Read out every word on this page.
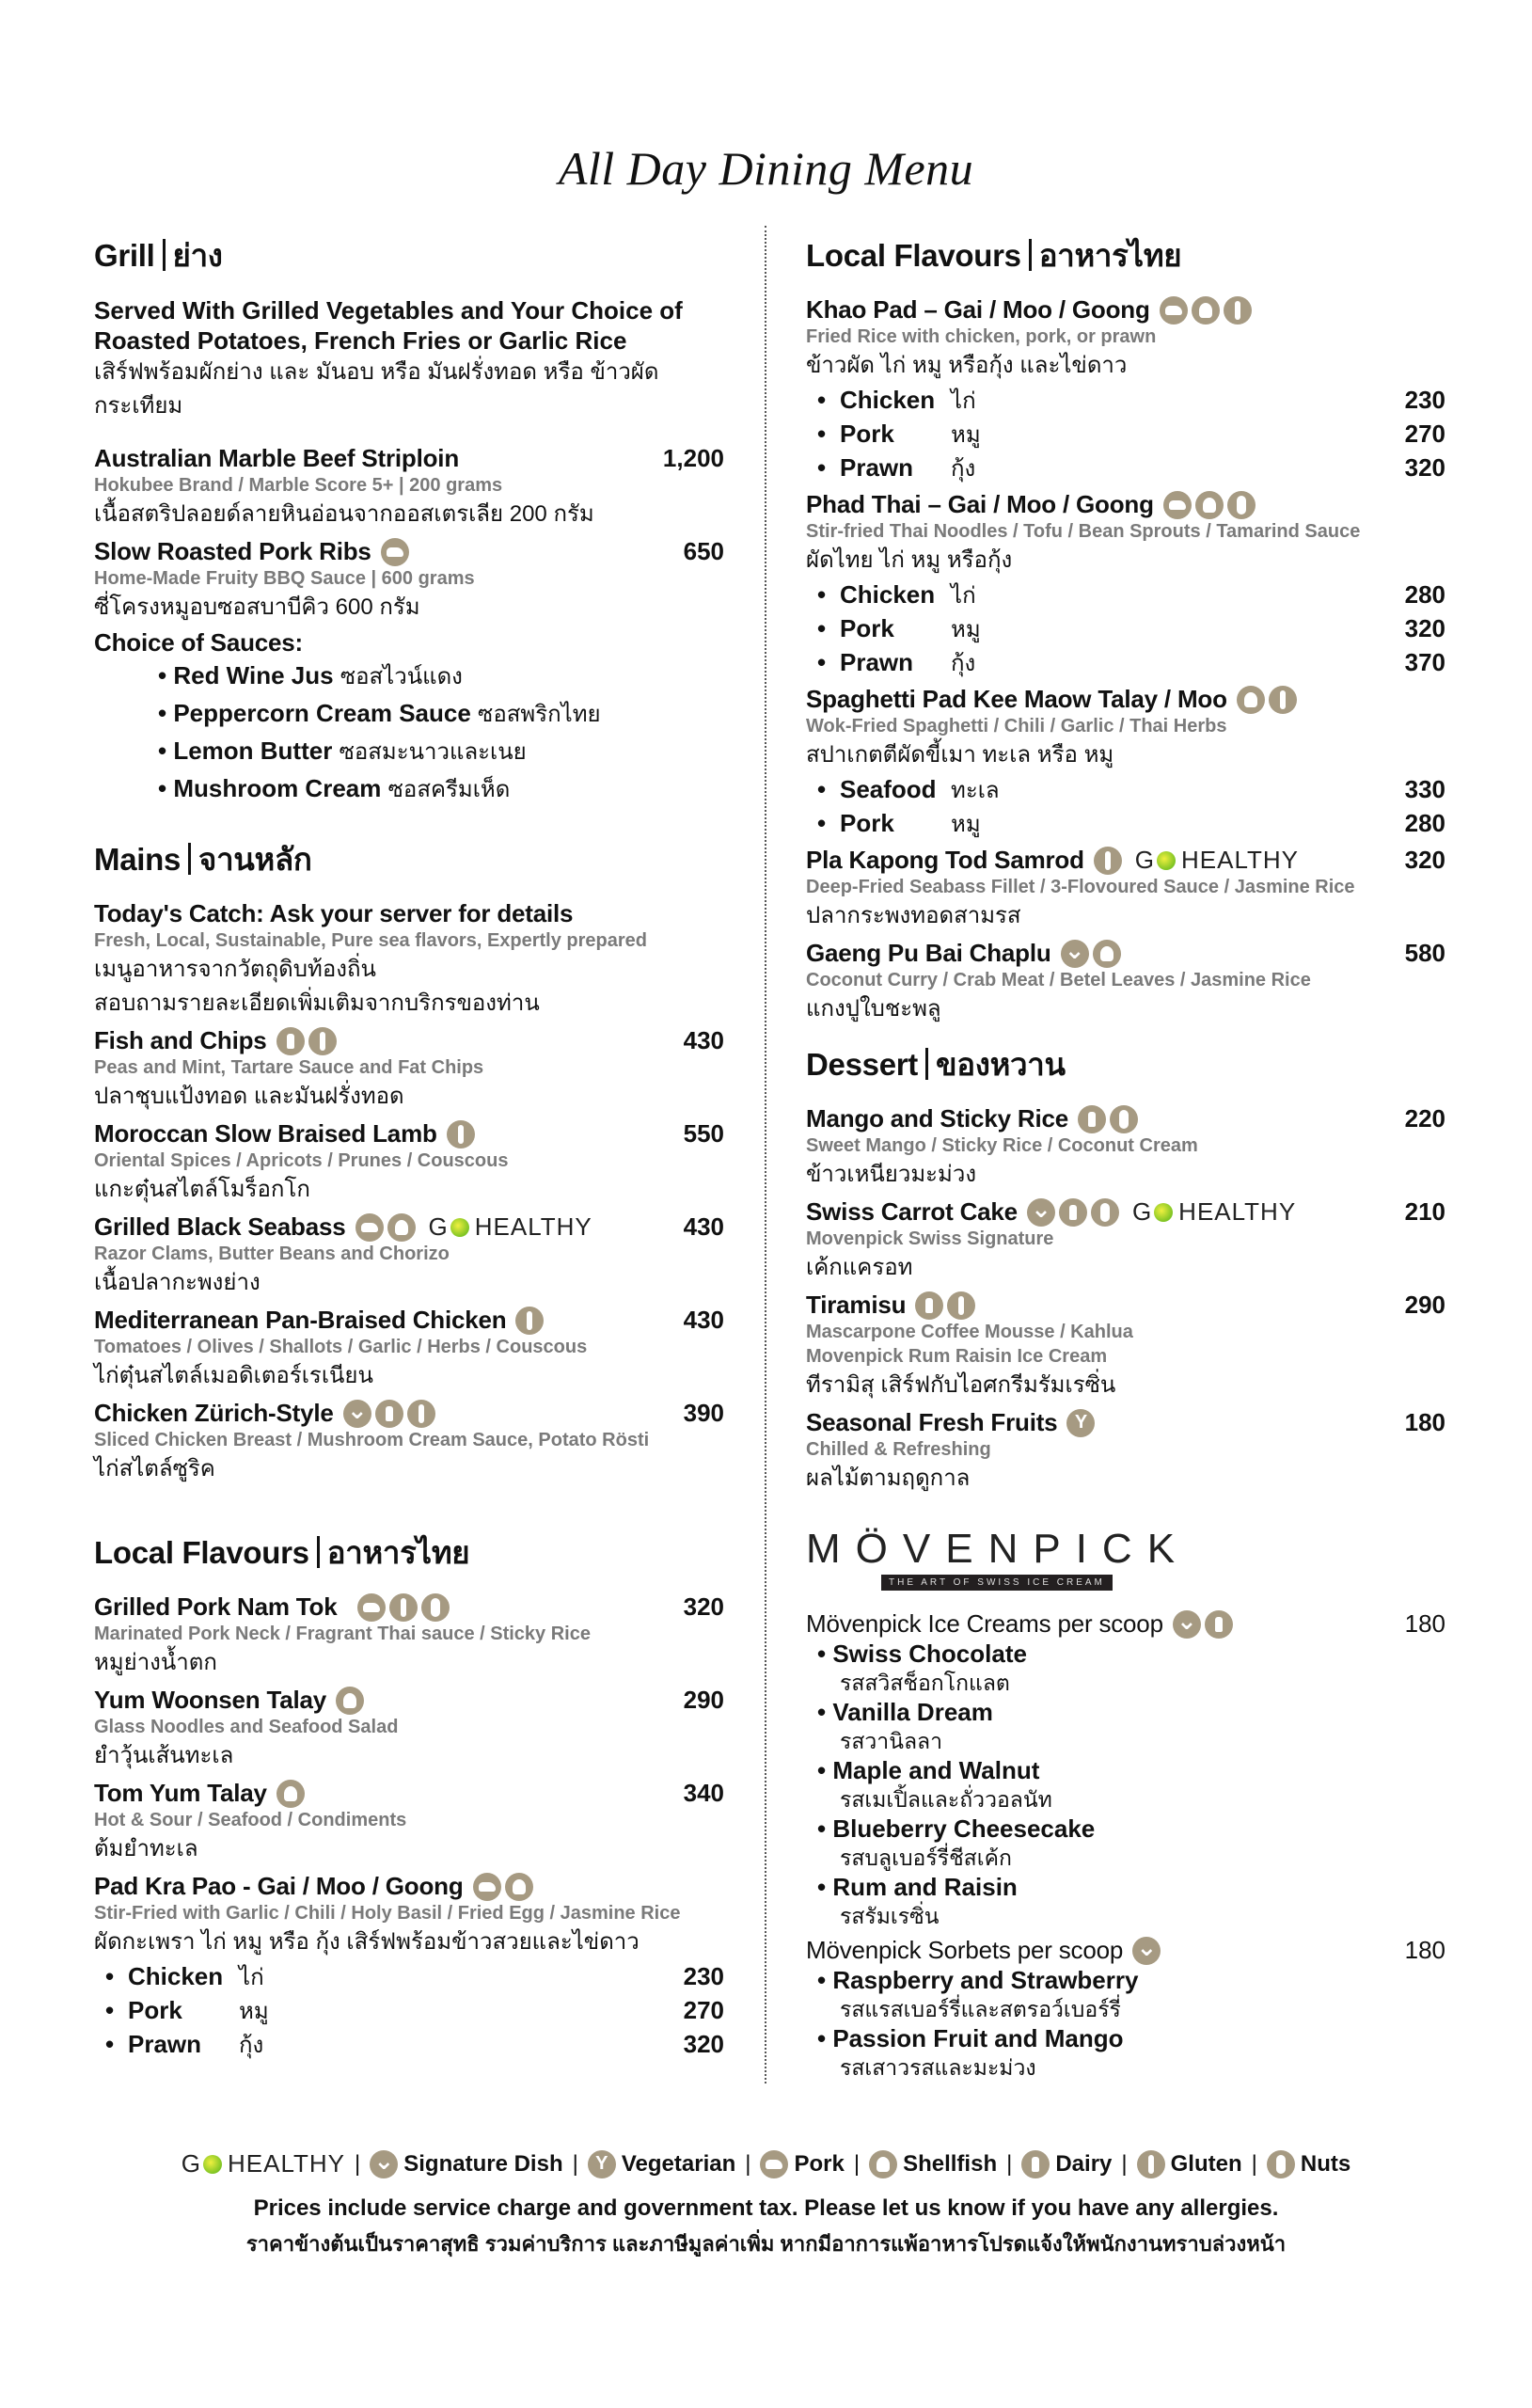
All Day Dining Menu
Grill ย่าง
Served With Grilled Vegetables and Your Choice of Roasted Potatoes, French Fries or Garlic Rice
เสิร์ฟพร้อมผักย่าง และ มันอบ หรือ มันฝรั่งทอด หรือ ข้าวผัดกระเทียม
Australian Marble Beef Striploin	1,200
Hokubee Brand / Marble Score 5+ | 200 grams
เนื้อสตริปลอยด์ลายหินอ่อนจากออสเตรเลีย 200 กรัม
Slow Roasted Pork Ribs	650
Home-Made Fruity BBQ Sauce | 600 grams
ซี่โครงหมูอบซอสบาบีคิว 600 กรัม
Choice of Sauces:
• Red Wine Jus ซอสไวน์แดง
• Peppercorn Cream Sauce ซอสพริกไทย
• Lemon Butter ซอสมะนาวและเนย
• Mushroom Cream ซอสครีมเห็ด
Mains จานหลัก
Today's Catch: Ask your server for details
Fresh, Local, Sustainable, Pure sea flavors, Expertly prepared
เมนูอาหารจากวัตถุดิบท้องถิ่น
สอบถามรายละเอียดเพิ่มเติมจากบริกรของท่าน
Fish and Chips	430
Peas and Mint, Tartare Sauce and Fat Chips
ปลาชุบแป้งทอด และมันฝรั่งทอด
Moroccan Slow Braised Lamb	550
Oriental Spices / Apricots / Prunes / Couscous
แกะตุ๋นสไตล์โมร็อกโก
Grilled Black Seabass	G HEALTHY	430
Razor Clams, Butter Beans and Chorizo
เนื้อปลากะพงย่าง
Mediterranean Pan-Braised Chicken	430
Tomatoes / Olives / Shallots / Garlic / Herbs / Couscous
ไก่ตุ๋นสไตล์เมอดิเตอร์เรเนียน
Chicken Zürich-Style ⌄	390
Sliced Chicken Breast / Mushroom Cream Sauce, Potato Rösti
ไก่สไตล์ซูริค
Local Flavours อาหารไทย
Grilled Pork Nam Tok	320
Marinated Pork Neck / Fragrant Thai sauce / Sticky Rice
หมูย่างน้ำตก
Yum Woonsen Talay	290
Glass Noodles and Seafood Salad
ยำวุ้นเส้นทะเล
Tom Yum Talay	340
Hot & Sour / Seafood / Condiments
ต้มยำทะเล
Pad Kra Pao - Gai / Moo / Goong
Stir-Fried with Garlic / Chili / Holy Basil / Fried Egg / Jasmine Rice
ผัดกะเพรา ไก่ หมู หรือ กุ้ง เสิร์ฟพร้อมข้าวสวยและไข่ดาว
• Chicken ไก่	230
• Pork	หมู	270
• Prawn	กุ้ง	320
Local Flavours อาหารไทย
Khao Pad – Gai / Moo / Goong
Fried Rice with chicken, pork, or prawn
ข้าวผัด ไก่ หมู หรือกุ้ง และไข่ดาว
• Chicken ไก่	230
• Pork	หมู	270
• Prawn	กุ้ง	320
Phad Thai – Gai / Moo / Goong
Stir-fried Thai Noodles / Tofu / Bean Sprouts / Tamarind Sauce
ผัดไทย ไก่ หมู หรือกุ้ง
• Chicken ไก่	280
• Pork	หมู	320
• Prawn	กุ้ง	370
Spaghetti Pad Kee Maow Talay / Moo
Wok-Fried Spaghetti / Chili / Garlic / Thai Herbs
สปาเกตตีผัดขี้เมา ทะเล หรือ หมู
• Seafood ทะเล	330
• Pork	หมู	280
Pla Kapong Tod Samrod G HEALTHY	320
Deep-Fried Seabass Fillet / 3-Flovoured Sauce / Jasmine Rice
ปลากระพงทอดสามรส
Gaeng Pu Bai Chaplu ⌄	580
Coconut Curry / Crab Meat / Betel Leaves / Jasmine Rice
แกงปูใบชะพลู
Dessert ของหวาน
Mango and Sticky Rice	220
Sweet Mango / Sticky Rice / Coconut Cream
ข้าวเหนียวมะม่วง
Swiss Carrot Cake ⌄	G HEALTHY	210
Movenpick Swiss Signature
เค้กแครอท
Tiramisu	290
Mascarpone Coffee Mousse / Kahlua
Movenpick Rum Raisin Ice Cream
ทีรามิสุ เสิร์ฟกับไอศกรีมรัมเรซิ่น
Seasonal Fresh Fruits Y	180
Chilled & Refreshing
ผลไม้ตามฤดูกาล
MÖVENPICK
THE ART OF SWISS ICE CREAM
Mövenpick Ice Creams per scoop ⌄	180
• Swiss Chocolate
รสสวิสช็อกโกแลต
• Vanilla Dream
รสวานิลลา
• Maple and Walnut
รสเมเปิ้ลและถั่ววอลนัท
• Blueberry Cheesecake
รสบลูเบอร์รี่ชีสเค้ก
• Rum and Raisin
รสรัมเรซิ่น
Mövenpick Sorbets per scoop ⌄	180
• Raspberry and Strawberry
รสแรสเบอร์รี่และสตรอว์เบอร์รี่
• Passion Fruit and Mango
รสเสาวรสและมะม่วง
G HEALTHY | ⌄ Signature Dish | Y Vegetarian | Pork | Shellfish | Dairy | Gluten | Nuts
Prices include service charge and government tax. Please let us know if you have any allergies.
ราคาข้างต้นเป็นราคาสุทธิ รวมค่าบริการ และภาษีมูลค่าเพิ่ม หากมีอาการแพ้อาหารโปรดแจ้งให้พนักงานทราบล่วงหน้า
